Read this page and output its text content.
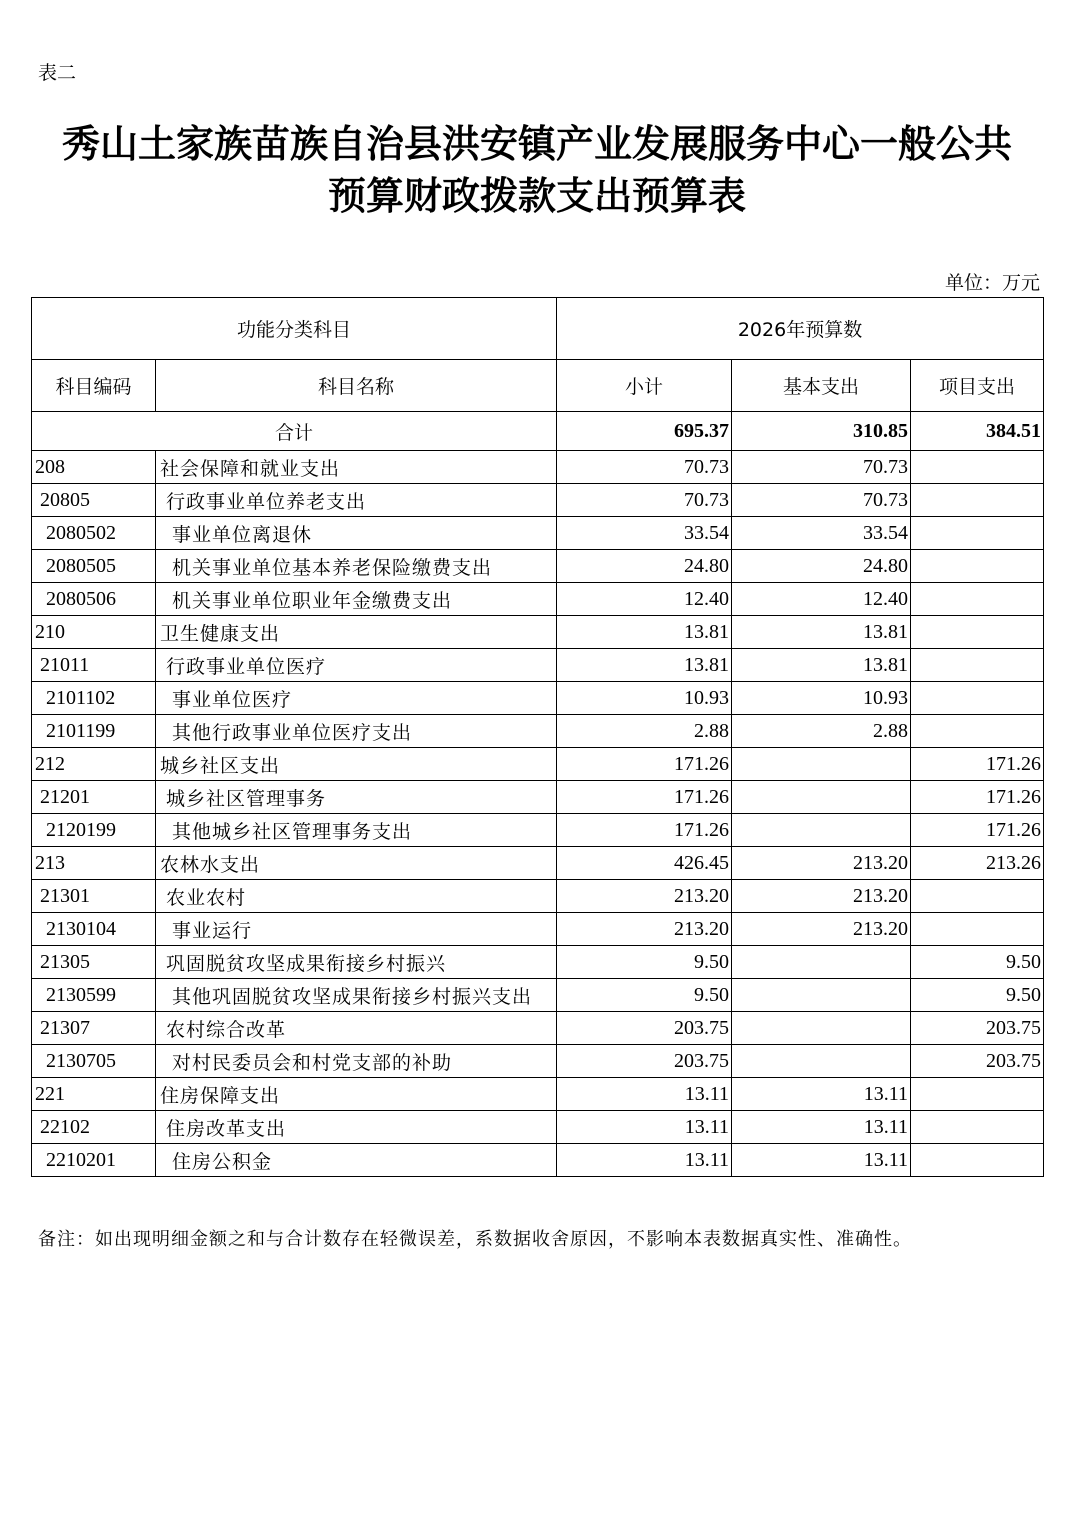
表二
秀山土家族苗族自治县洪安镇产业发展服务中心一般公共
预算财政拨款支出预算表
单位：万元
功能分类科目		2026年预算数		
科目编码	科目名称	小计	基本支出	项目支出
合计		695.37	310.85	384.51
208	社会保障和就业支出	70.73	70.73	
20805	行政事业单位养老支出	70.73	70.73	
2080502	事业单位离退休	33.54	33.54	
2080505	机关事业单位基本养老保险缴费支出	24.80	24.80	
2080506	机关事业单位职业年金缴费支出	12.40	12.40	
210	卫生健康支出	13.81	13.81	
21011	行政事业单位医疗	13.81	13.81	
2101102	事业单位医疗	10.93	10.93	
2101199	其他行政事业单位医疗支出	2.88	2.88	
212	城乡社区支出	171.26		171.26
21201	城乡社区管理事务	171.26		171.26
2120199	其他城乡社区管理事务支出	171.26		171.26
213	农林水支出	426.45	213.20	213.26
21301	农业农村	213.20	213.20	
2130104	事业运行	213.20	213.20	
21305	巩固脱贫攻坚成果衔接乡村振兴	9.50		9.50
2130599	其他巩固脱贫攻坚成果衔接乡村振兴支出	9.50		9.50
21307	农村综合改革	203.75		203.75
2130705	对村民委员会和村党支部的补助	203.75		203.75
221	住房保障支出	13.11	13.11	
22102	住房改革支出	13.11	13.11	
2210201	住房公积金	13.11	13.11	
备注：如出现明细金额之和与合计数存在轻微误差，系数据收舍原因，不影响本表数据真实性、准确性。
